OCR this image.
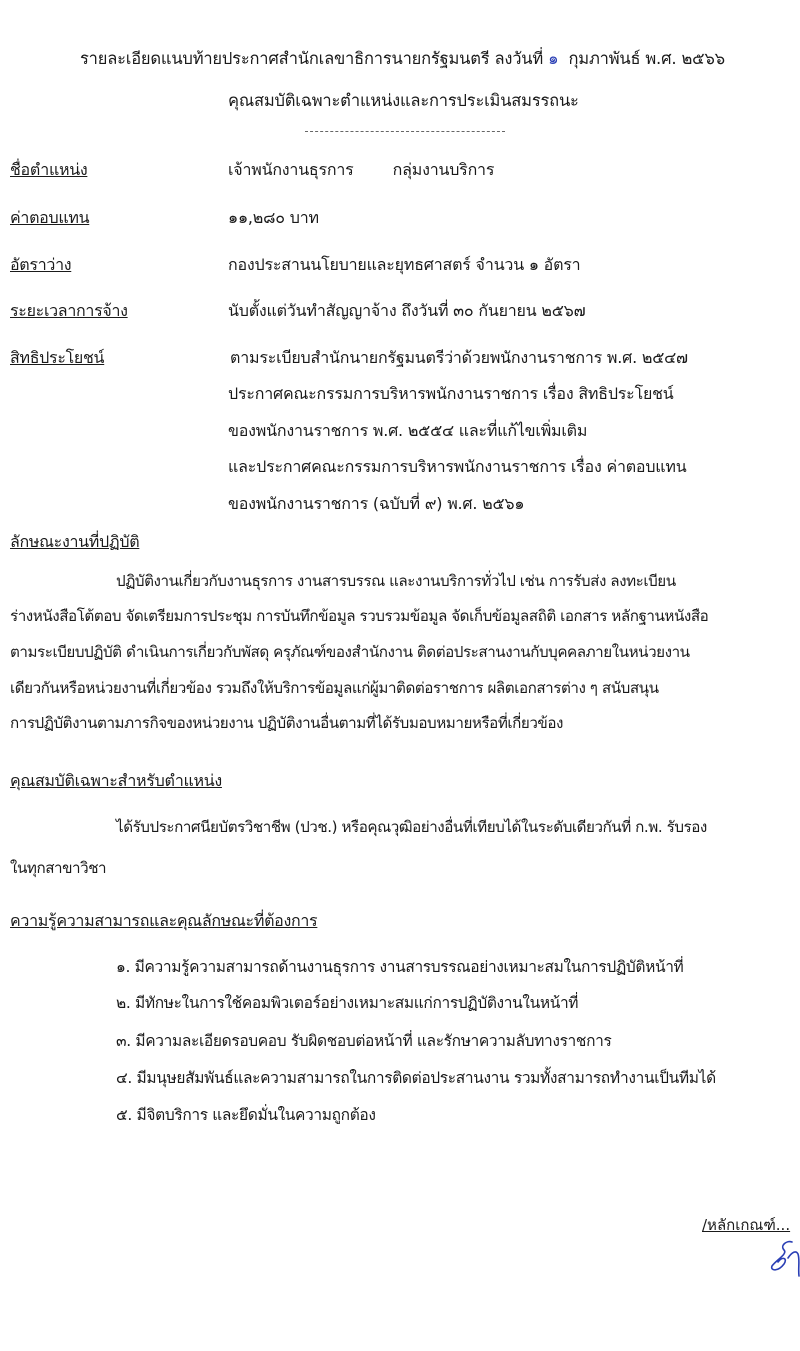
รายละเอียดแนบท้ายประกาศสำนักเลขาธิการนายกรัฐมนตรี ลงวันที่ ๑  กุมภาพันธ์ พ.ศ. ๒๕๖๖
คุณสมบัติเฉพาะตำแหน่งและการประเมินสมรรถนะ
ชื่อตำแหน่ง	เจ้าพนักงานธุรการ        กลุ่มงานบริการ
ค่าตอบแทน	๑๑,๒๘๐ บาท
อัตราว่าง	กองประสานนโยบายและยุทธศาสตร์ จำนวน ๑ อัตรา
ระยะเวลาการจ้าง	นับตั้งแต่วันทำสัญญาจ้าง ถึงวันที่ ๓๐ กันยายน ๒๕๖๗
สิทธิประโยชน์	ตามระเบียบสำนักนายกรัฐมนตรีว่าด้วยพนักงานราชการ พ.ศ. ๒๕๔๗
ประกาศคณะกรรมการบริหารพนักงานราชการ เรื่อง สิทธิประโยชน์
ของพนักงานราชการ พ.ศ. ๒๕๕๔ และที่แก้ไขเพิ่มเติม
และประกาศคณะกรรมการบริหารพนักงานราชการ เรื่อง ค่าตอบแทน
ของพนักงานราชการ (ฉบับที่ ๙) พ.ศ. ๒๕๖๑
ลักษณะงานที่ปฏิบัติ
ปฏิบัติงานเกี่ยวกับงานธุรการ งานสารบรรณ และงานบริการทั่วไป เช่น การรับส่ง ลงทะเบียน
ร่างหนังสือโต้ตอบ จัดเตรียมการประชุม การบันทึกข้อมูล รวบรวมข้อมูล จัดเก็บข้อมูลสถิติ เอกสาร หลักฐานหนังสือ
ตามระเบียบปฏิบัติ ดำเนินการเกี่ยวกับพัสดุ ครุภัณฑ์ของสำนักงาน ติดต่อประสานงานกับบุคคลภายในหน่วยงาน
เดียวกันหรือหน่วยงานที่เกี่ยวข้อง รวมถึงให้บริการข้อมูลแก่ผู้มาติดต่อราชการ ผลิตเอกสารต่าง ๆ สนับสนุน
การปฏิบัติงานตามภารกิจของหน่วยงาน ปฏิบัติงานอื่นตามที่ได้รับมอบหมายหรือที่เกี่ยวข้อง
คุณสมบัติเฉพาะสำหรับตำแหน่ง
ได้รับประกาศนียบัตรวิชาชีพ (ปวช.) หรือคุณวุฒิอย่างอื่นที่เทียบได้ในระดับเดียวกันที่ ก.พ. รับรอง
ในทุกสาขาวิชา
ความรู้ความสามารถและคุณลักษณะที่ต้องการ
๑. มีความรู้ความสามารถด้านงานธุรการ งานสารบรรณอย่างเหมาะสมในการปฏิบัติหน้าที่
๒. มีทักษะในการใช้คอมพิวเตอร์อย่างเหมาะสมแก่การปฏิบัติงานในหน้าที่
๓. มีความละเอียดรอบคอบ รับผิดชอบต่อหน้าที่ และรักษาความลับทางราชการ
๔. มีมนุษยสัมพันธ์และความสามารถในการติดต่อประสานงาน รวมทั้งสามารถทำงานเป็นทีมได้
๕. มีจิตบริการ และยึดมั่นในความถูกต้อง
/หลักเกณฑ์...
